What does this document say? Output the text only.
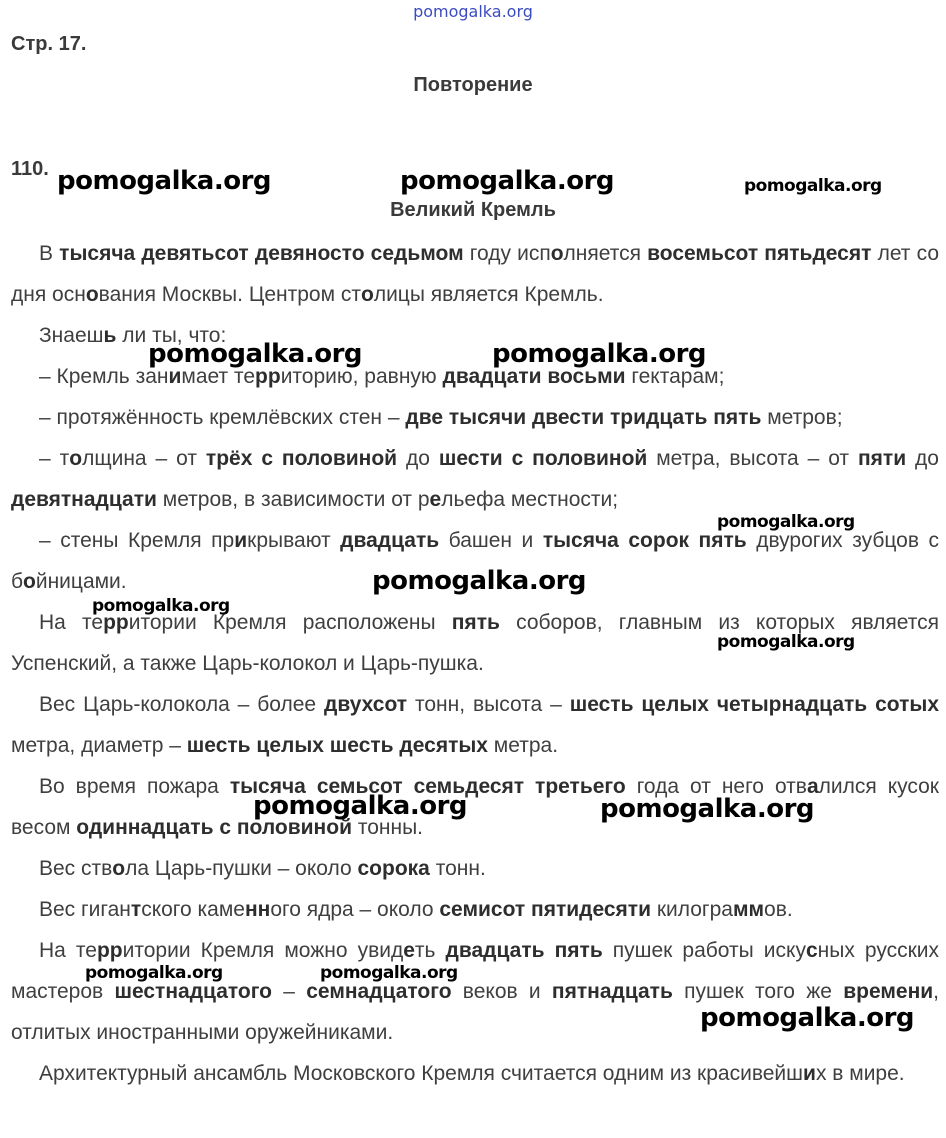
pomogalka.org
Стр. 17.
Повторение
110.
Великий Кремль

В тысяча девятьсот девяносто седьмом году исполняется восемьсот пятьдесят лет со дня основания Москвы. Центром столицы является Кремль.

Знаешь ли ты, что:

– Кремль занимает территорию, равную двадцати восьми гектарам;

– протяжённость кремлёвских стен – две тысячи двести тридцать пять метров;

– толщина – от трёх с половиной до шести с половиной метра, высота – от пяти до девятнадцати метров, в зависимости от рельефа местности;

– стены Кремля прикрывают двадцать башен и тысяча сорок пять двурогих зубцов с бойницами.

На территории Кремля расположены пять соборов, главным из которых является Успенский, а также Царь-колокол и Царь-пушка.

Вес Царь-колокола – более двухсот тонн, высота – шесть целых четырнадцать сотых метра, диаметр – шесть целых шесть десятых метра.

Во время пожара тысяча семьсот семьдесят третьего года от него отвалился кусок весом одиннадцать с половиной тонны.

Вес ствола Царь-пушки – около сорока тонн.

Вес гигантского каменного ядра – около семисот пятидесяти килограммов.

На территории Кремля можно увидеть двадцать пять пушек работы искусных русских мастеров шестнадцатого – семнадцатого веков и пятнадцать пушек того же времени, отлитых иностранными оружейниками.

Архитектурный ансамбль Московского Кремля считается одним из красивейших в мире.

pomogalka.org	pomogalka.org	pomogalka.org
pomogalka.org	pomogalka.org
pomogalka.org
pomogalka.org
pomogalka.org
pomogalka.org
pomogalka.org	pomogalka.org
pomogalka.org	pomogalka.org
pomogalka.org
